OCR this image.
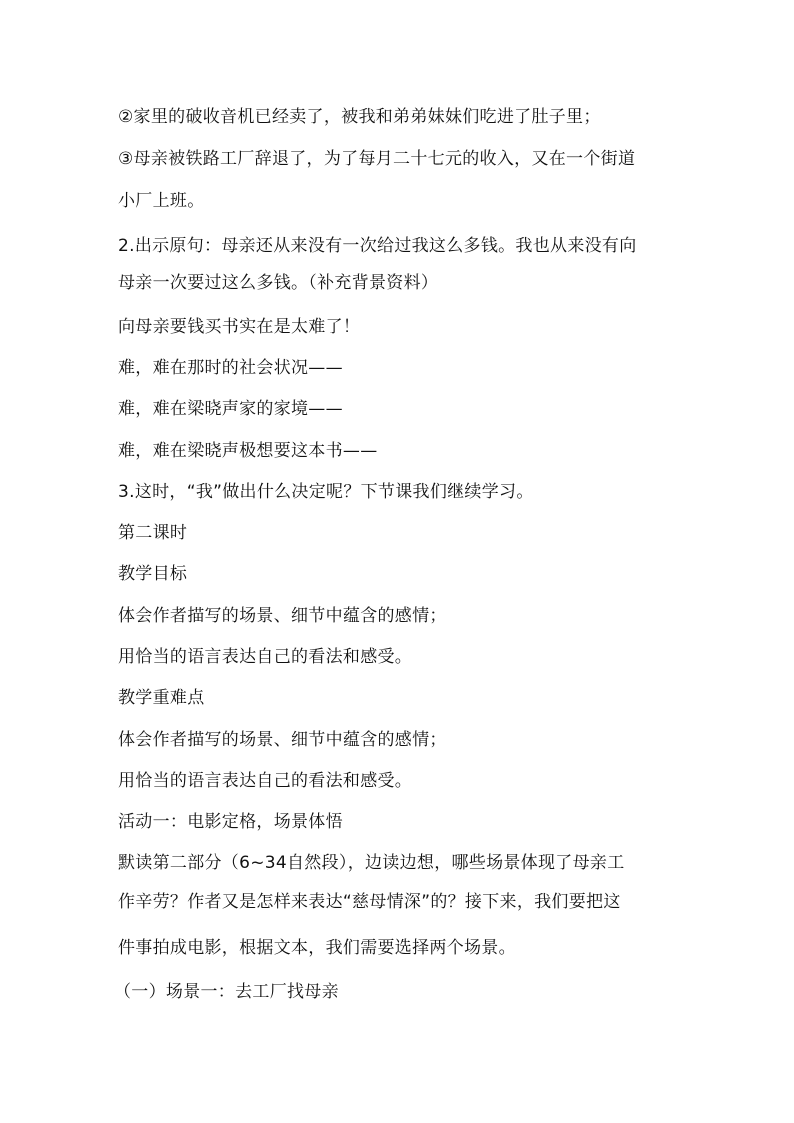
②家里的破收音机已经卖了，被我和弟弟妹妹们吃进了肚子里；
③母亲被铁路工厂辞退了，为了每月二十七元的收入，又在一个街道
小厂上班。
2.出示原句：母亲还从来没有一次给过我这么多钱。我也从来没有向
母亲一次要过这么多钱。（补充背景资料）
向母亲要钱买书实在是太难了！
难，难在那时的社会状况——
难，难在梁晓声家的家境——
难，难在梁晓声极想要这本书——
3.这时，“我”做出什么决定呢？下节课我们继续学习。
第二课时
教学目标
体会作者描写的场景、细节中蕴含的感情；
用恰当的语言表达自己的看法和感受。
教学重难点
体会作者描写的场景、细节中蕴含的感情；
用恰当的语言表达自己的看法和感受。
活动一：电影定格，场景体悟
默读第二部分（6~34自然段），边读边想，哪些场景体现了母亲工
作辛劳？作者又是怎样来表达“慈母情深”的？接下来，我们要把这
件事拍成电影，根据文本，我们需要选择两个场景。
（一）场景一：去工厂找母亲
